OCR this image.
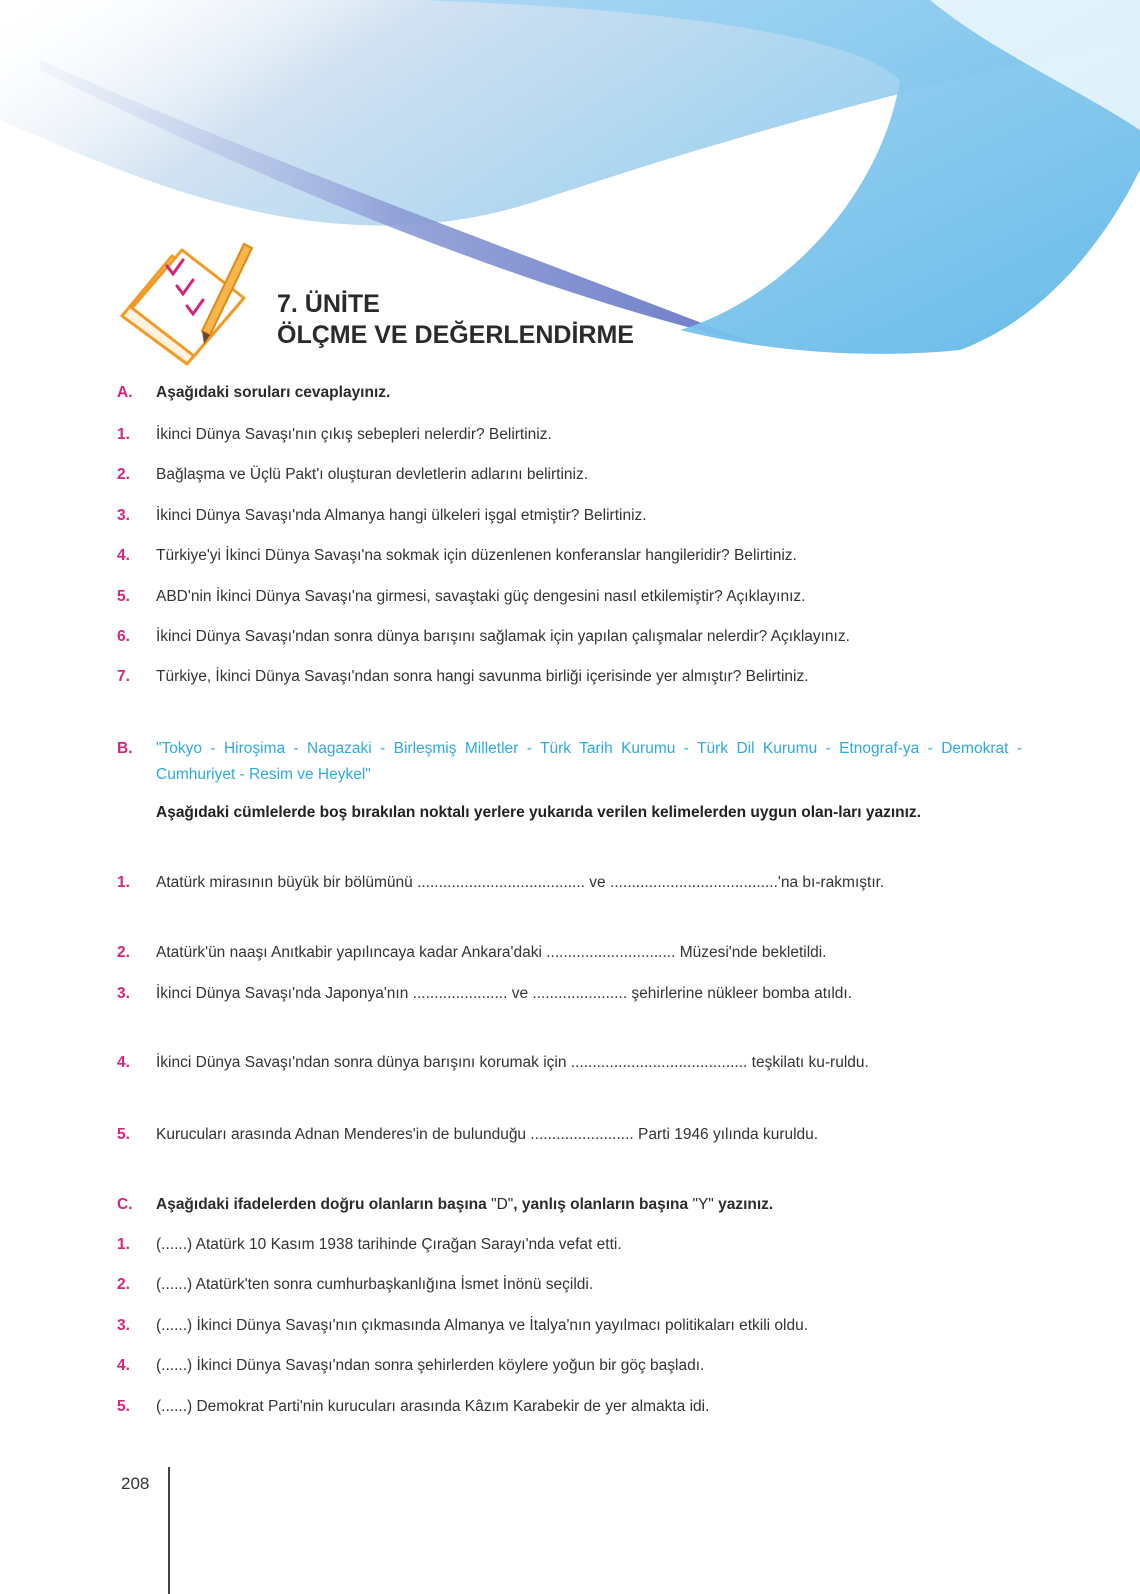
7. ÜNİTE
ÖLÇME VE DEĞERLENDİRME
A. Aşağıdaki soruları cevaplayınız.
1. İkinci Dünya Savaşı'nın çıkış sebepleri nelerdir? Belirtiniz.
2. Bağlaşma ve Üçlü Pakt'ı oluşturan devletlerin adlarını belirtiniz.
3. İkinci Dünya Savaşı'nda Almanya hangi ülkeleri işgal etmiştir? Belirtiniz.
4. Türkiye'yi İkinci Dünya Savaşı'na sokmak için düzenlenen konferanslar hangileridir? Belirtiniz.
5. ABD'nin İkinci Dünya Savaşı'na girmesi, savaştaki güç dengesini nasıl etkilemiştir? Açıklayınız.
6. İkinci Dünya Savaşı'ndan sonra dünya barışını sağlamak için yapılan çalışmalar nelerdir? Açıklayınız.
7. Türkiye, İkinci Dünya Savaşı'ndan sonra hangi savunma birliği içerisinde yer almıştır? Belirtiniz.
B. "Tokyo - Hiroşima - Nagazaki - Birleşmiş Milletler - Türk Tarih Kurumu - Türk Dil Kurumu - Etnograf-ya - Demokrat - Cumhuriyet - Resim ve Heykel"
Aşağıdaki cümlelerde boş bırakılan noktalı yerlere yukarıda verilen kelimelerden uygun olan-ları yazınız.
1. Atatürk mirasının büyük bir bölümünü ....................................... ve .......................................'na bı-rakmıştır.
2. Atatürk'ün naaşı Anıtkabir yapılıncaya kadar Ankara'daki .............................. Müzesi'nde bekletildi.
3. İkinci Dünya Savaşı'nda Japonya'nın ...................... ve ...................... şehirlerine nükleer bomba atıldı.
4. İkinci Dünya Savaşı'ndan sonra dünya barışını korumak için ......................................... teşkilatı ku-ruldu.
5. Kurucuları arasında Adnan Menderes'in de bulunduğu ........................ Parti 1946 yılında kuruldu.
C. Aşağıdaki ifadelerden doğru olanların başına "D", yanlış olanların başına "Y" yazınız.
1. (......) Atatürk 10 Kasım 1938 tarihinde Çırağan Sarayı'nda vefat etti.
2. (......) Atatürk'ten sonra cumhurbaşkanlığına İsmet İnönü seçildi.
3. (......) İkinci Dünya Savaşı'nın çıkmasında Almanya ve İtalya'nın yayılmacı politikaları etkili oldu.
4. (......) İkinci Dünya Savaşı'ndan sonra şehirlerden köylere yoğun bir göç başladı.
5. (......) Demokrat Parti'nin kurucuları arasında Kâzım Karabekir de yer almakta idi.
208
